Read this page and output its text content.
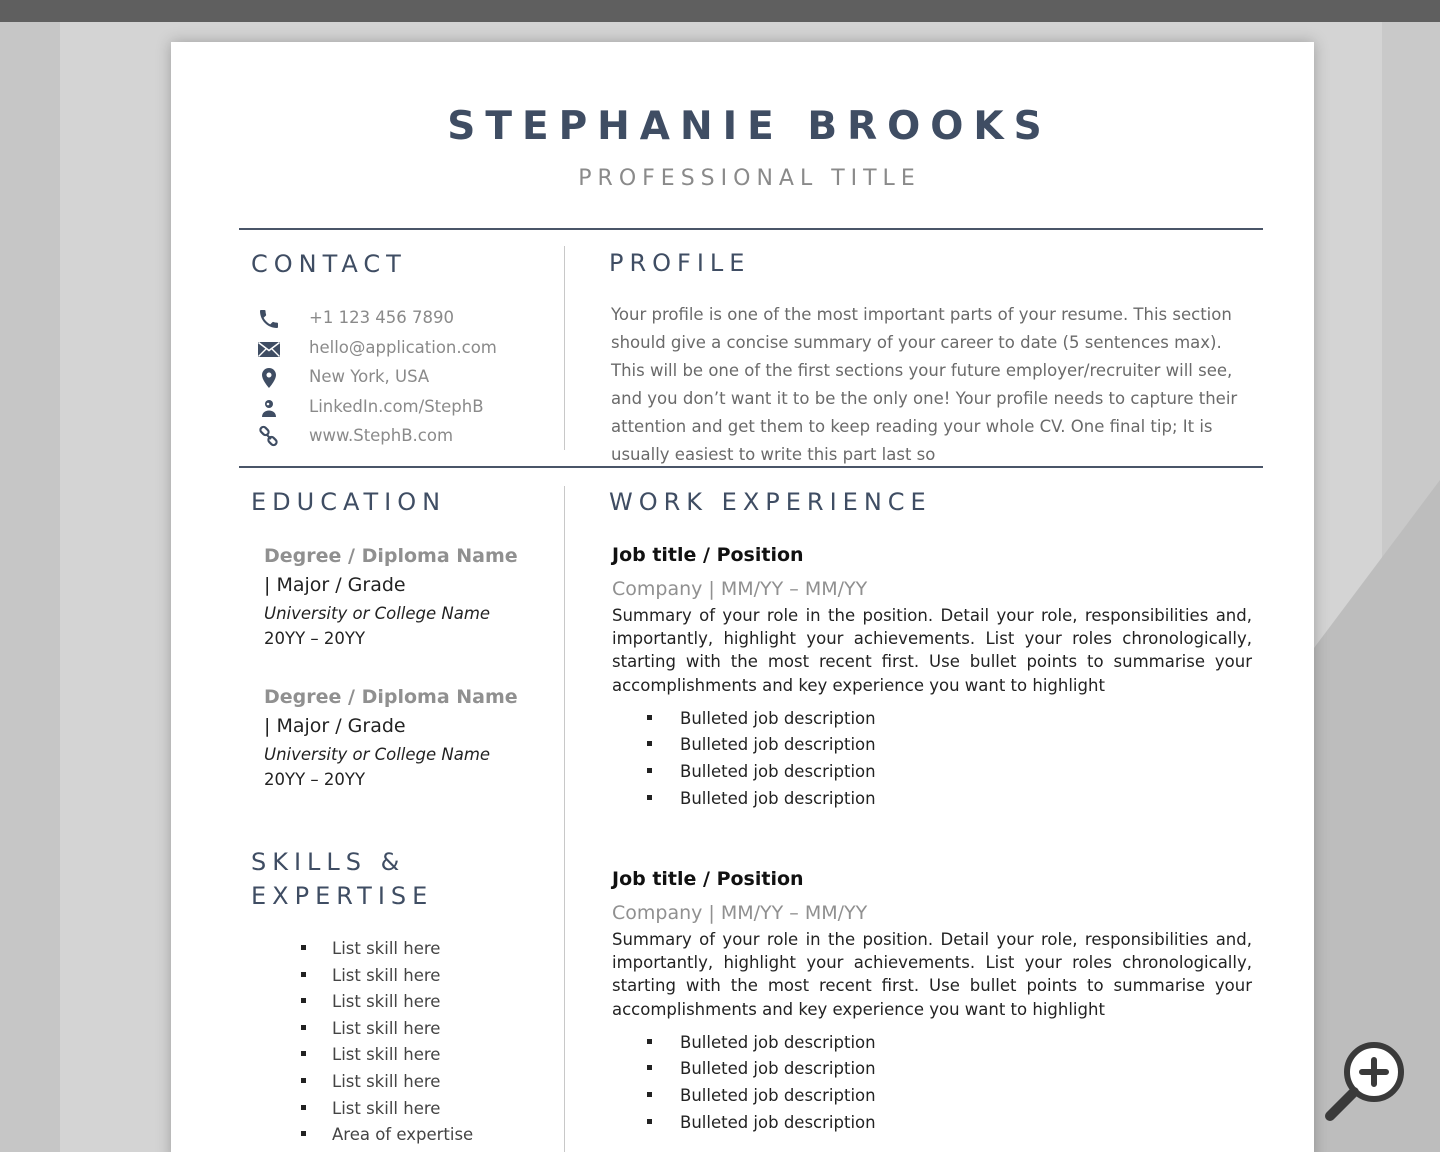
STEPHANIE BROOKS
PROFESSIONAL TITLE
CONTACT
+1 123 456 7890
hello@application.com
New York, USA
LinkedIn.com/StephB
www.StephB.com
PROFILE
Your profile is one of the most important parts of your resume. This section should give a concise summary of your career to date (5 sentences max). This will be one of the first sections your future employer/recruiter will see, and you don’t want it to be the only one! Your profile needs to capture their attention and get them to keep reading your whole CV. One final tip; It is usually easiest to write this part last so
EDUCATION
Degree / Diploma Name
| Major / Grade
University or College Name
20YY – 20YY
Degree / Diploma Name
| Major / Grade
University or College Name
20YY – 20YY
SKILLS &
EXPERTISE
List skill here
List skill here
List skill here
List skill here
List skill here
List skill here
List skill here
Area of expertise
WORK EXPERIENCE
Job title / Position
Company | MM/YY – MM/YY
Summary of your role in the position. Detail your role, responsibilities and, importantly, highlight your achievements. List your roles chronologically, starting with the most recent first. Use bullet points to summarise your accomplishments and key experience you want to highlight
Bulleted job description
Bulleted job description
Bulleted job description
Bulleted job description
Job title / Position
Company | MM/YY – MM/YY
Summary of your role in the position. Detail your role, responsibilities and, importantly, highlight your achievements. List your roles chronologically, starting with the most recent first. Use bullet points to summarise your accomplishments and key experience you want to highlight
Bulleted job description
Bulleted job description
Bulleted job description
Bulleted job description
